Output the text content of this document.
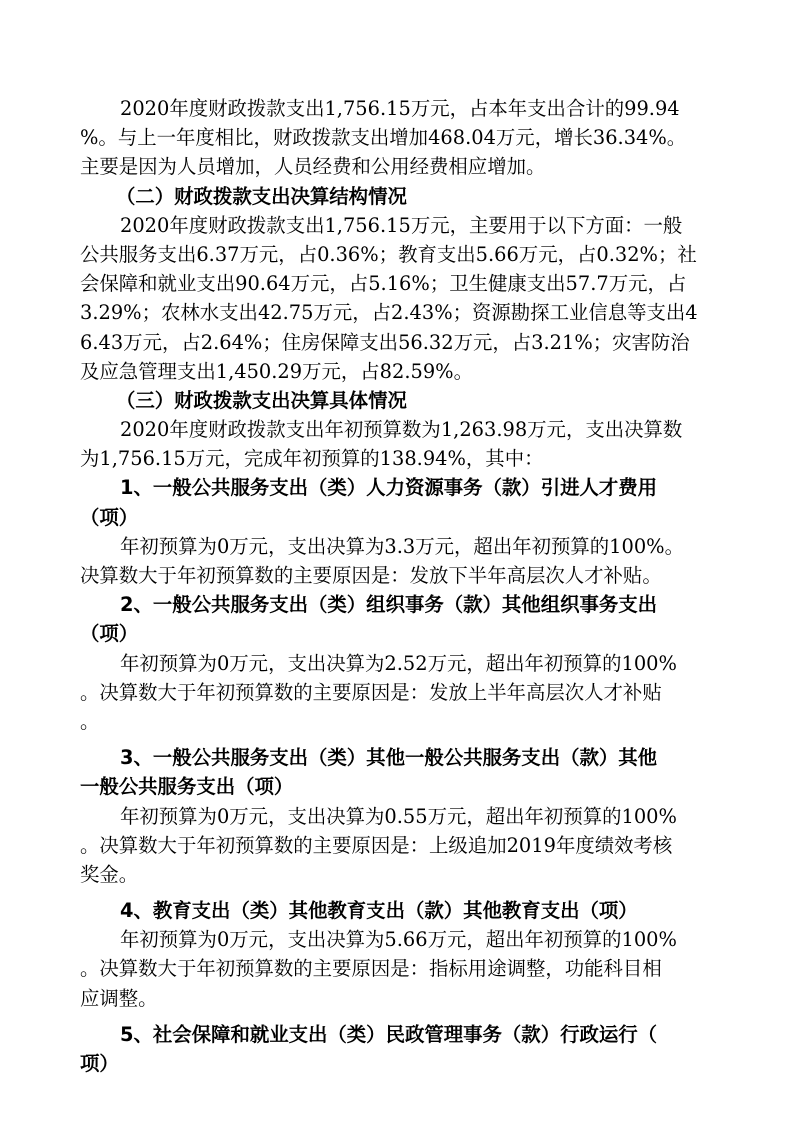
2020年度财政拨款支出1,756.15万元，占本年支出合计的99.94
%。与上一年度相比，财政拨款支出增加468.04万元，增长36.34%。
主要是因为人员增加，人员经费和公用经费相应增加。
（二）财政拨款支出决算结构情况
2020年度财政拨款支出1,756.15万元，主要用于以下方面：一般
公共服务支出6.37万元，占0.36%；教育支出5.66万元，占0.32%；社
会保障和就业支出90.64万元，占5.16%；卫生健康支出57.7万元，占
3.29%；农林水支出42.75万元，占2.43%；资源勘探工业信息等支出4
6.43万元，占2.64%；住房保障支出56.32万元，占3.21%；灾害防治
及应急管理支出1,450.29万元，占82.59%。
（三）财政拨款支出决算具体情况
2020年度财政拨款支出年初预算数为1,263.98万元，支出决算数
为1,756.15万元，完成年初预算的138.94%，其中：
1、一般公共服务支出（类）人力资源事务（款）引进人才费用
（项）
年初预算为0万元，支出决算为3.3万元，超出年初预算的100%。
决算数大于年初预算数的主要原因是：发放下半年高层次人才补贴。
2、一般公共服务支出（类）组织事务（款）其他组织事务支出
（项）
年初预算为0万元，支出决算为2.52万元，超出年初预算的100%
。决算数大于年初预算数的主要原因是：发放上半年高层次人才补贴
。
3、一般公共服务支出（类）其他一般公共服务支出（款）其他
一般公共服务支出（项）
年初预算为0万元，支出决算为0.55万元，超出年初预算的100%
。决算数大于年初预算数的主要原因是：上级追加2019年度绩效考核
奖金。
4、教育支出（类）其他教育支出（款）其他教育支出（项）
年初预算为0万元，支出决算为5.66万元，超出年初预算的100%
。决算数大于年初预算数的主要原因是：指标用途调整，功能科目相
应调整。
5、社会保障和就业支出（类）民政管理事务（款）行政运行（
项）
